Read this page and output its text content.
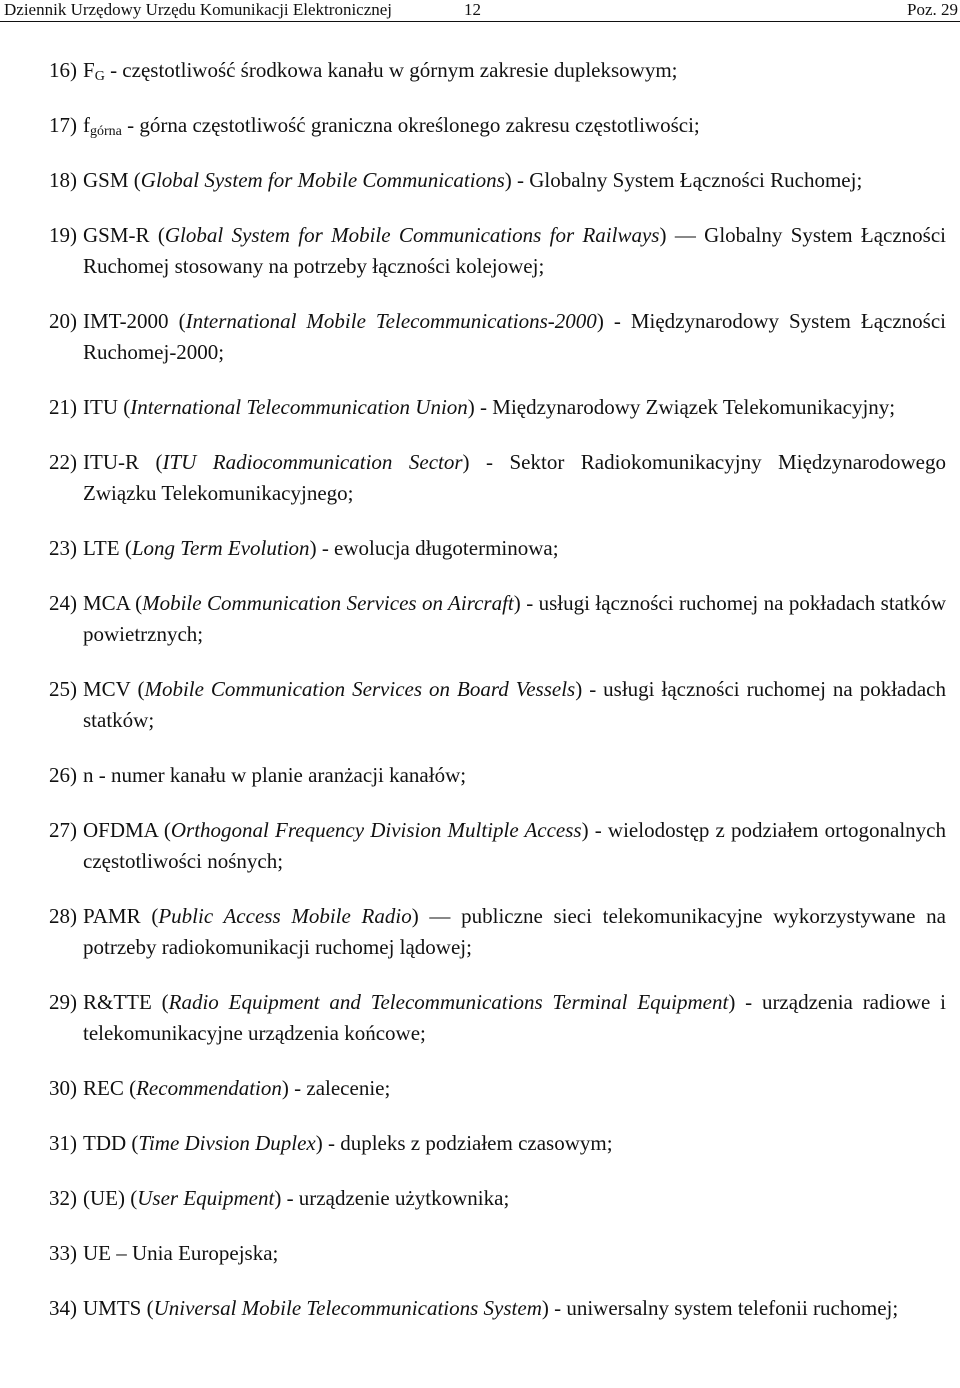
Dziennik Urzędowy Urzędu Komunikacji Elektronicznej	12	Poz. 29
16) $F_G$ - częstotliwość środkowa kanału w górnym zakresie dupleksowym;
17) $f_{górna}$ - górna częstotliwość graniczna określonego zakresu częstotliwości;
18) GSM (Global System for Mobile Communications) - Globalny System Łączności Ruchomej;
19) GSM-R (Global System for Mobile Communications for Railways) — Globalny System Łączności Ruchomej stosowany na potrzeby łączności kolejowej;
20) IMT-2000 (International Mobile Telecommunications-2000) - Międzynarodowy System Łączności Ruchomej-2000;
21) ITU (International Telecommunication Union) - Międzynarodowy Związek Telekomunikacyjny;
22) ITU-R (ITU Radiocommunication Sector) - Sektor Radiokomunikacyjny Międzynarodowego Związku Telekomunikacyjnego;
23) LTE (Long Term Evolution) - ewolucja długoterminowa;
24) MCA (Mobile Communication Services on Aircraft) - usługi łączności ruchomej na pokładach statków powietrznych;
25) MCV (Mobile Communication Services on Board Vessels) - usługi łączności ruchomej na pokładach statków;
26) n - numer kanału w planie aranżacji kanałów;
27) OFDMA (Orthogonal Frequency Division Multiple Access) - wielodostęp z podziałem ortogonalnych częstotliwości nośnych;
28) PAMR (Public Access Mobile Radio) — publiczne sieci telekomunikacyjne wykorzystywane na potrzeby radiokomunikacji ruchomej lądowej;
29) R&TTE (Radio Equipment and Telecommunications Terminal Equipment) - urządzenia radiowe i telekomunikacyjne urządzenia końcowe;
30) REC (Recommendation) - zalecenie;
31) TDD (Time Divsion Duplex) - dupleks z podziałem czasowym;
32) (UE) (User Equipment) - urządzenie użytkownika;
33) UE – Unia Europejska;
34) UMTS (Universal Mobile Telecommunications System) - uniwersalny system telefonii ruchomej;
